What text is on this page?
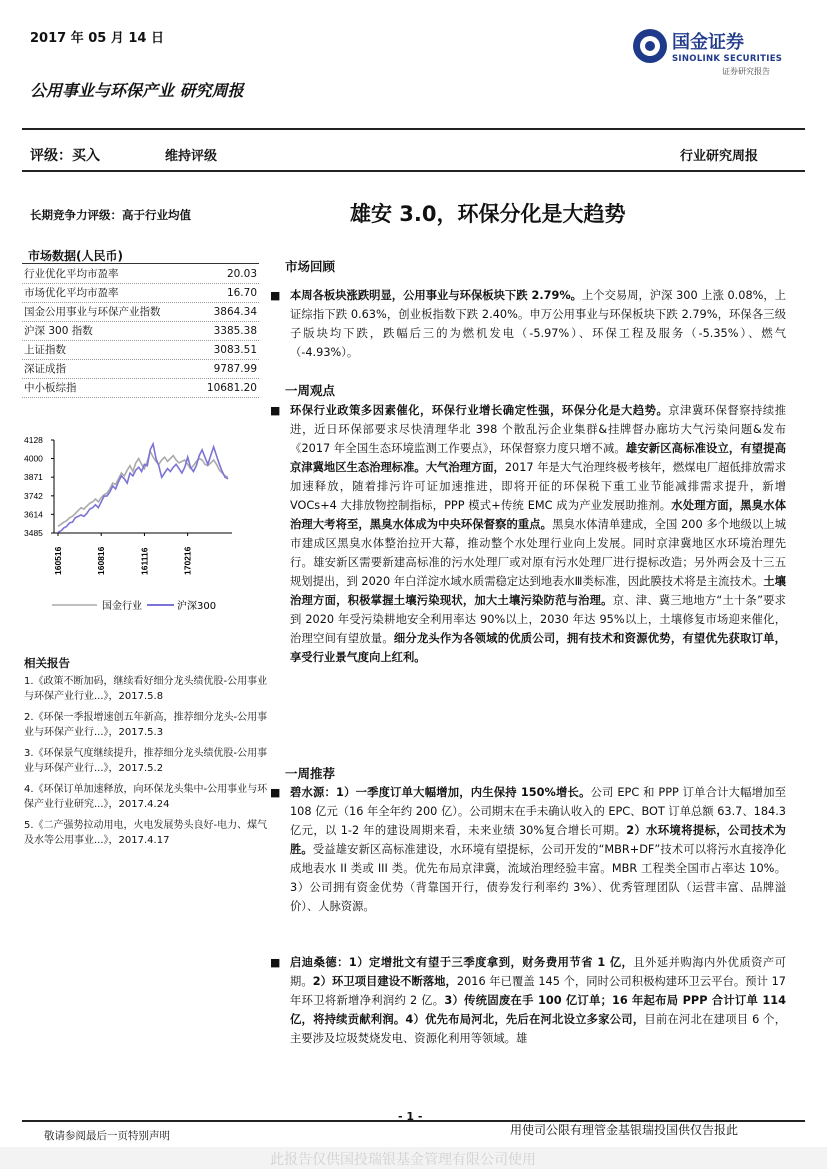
2017 年 05 月 14 日
公用事业与环保产业 研究周报
国金证券
SINOLINK SECURITIES
证券研究报告
评级：买入	维持评级	行业研究周报
长期竞争力评级：高于行业均值	雄安 3.0，环保分化是大趋势
市场数据(人民币)
行业优化平均市盈率	20.03
市场优化平均市盈率	16.70
国金公用事业与环保产业指数	3864.34
沪深 300 指数	3385.38
上证指数	3083.51
深证成指	9787.99
中小板综指	10681.20
4128
4000
3871
3742
3614
3485
160516	160816	161116	170216
国金行业	沪深300
相关报告
1.《政策不断加码，继续看好细分龙头绩优股-公用事业与环保产业行业...》，2017.5.8
2.《环保一季报增速创五年新高，推荐细分龙头-公用事业与环保产业行...》，2017.5.3
3.《环保景气度继续提升，推荐细分龙头绩优股-公用事业与环保产业行...》，2017.5.2
4.《环保订单加速释放，向环保龙头集中-公用事业与环保产业行业研究...》，2017.4.24
5.《二产强势拉动用电，火电发展势头良好-电力、煤气及水等公用事业...》，2017.4.17
市场回顾
■ 本周各板块涨跌明显，公用事业与环保板块下跌 2.79%。上个交易周，沪深 300 上涨 0.08%，上证综指下跌 0.63%，创业板指数下跌 2.40%。申万公用事业与环保板块下跌 2.79%，环保各三级子版块均下跌，跌幅后三的为燃机发电（-5.97%）、环保工程及服务（-5.35%）、燃气（-4.93%）。
一周观点
■ 环保行业政策多因素催化，环保行业增长确定性强，环保分化是大趋势。京津冀环保督察持续推进，近日环保部要求尽快清理华北 398 个散乱污企业集群&挂牌督办廊坊大气污染问题&发布《2017 年全国生态环境监测工作要点》，环保督察力度只增不减。雄安新区高标准设立，有望提高京津冀地区生态治理标准。大气治理方面，2017 年是大气治理终极考核年，燃煤电厂超低排放需求加速释放，随着排污许可证加速推进，即将开征的环保税下重工业节能减排需求提升，新增 VOCs+4 大排放物控制指标，PPP 模式+传统 EMC 成为产业发展助推剂。水处理方面，黑臭水体治理大考将至，黑臭水体成为中央环保督察的重点。黑臭水体清单建成，全国 200 多个地级以上城市建成区黑臭水体整治拉开大幕，推动整个水处理行业向上发展。同时京津冀地区水环境治理先行。雄安新区需要新建高标准的污水处理厂或对原有污水处理厂进行提标改造；另外两会及十三五规划提出，到 2020 年白洋淀水域水质需稳定达到地表水Ⅲ类标准，因此膜技术将是主流技术。土壤治理方面，积极掌握土壤污染现状，加大土壤污染防范与治理。京、津、冀三地地方“土十条”要求到 2020 年受污染耕地安全利用率达 90%以上，2030 年达 95%以上，土壤修复市场迎来催化，治理空间有望放量。细分龙头作为各领域的优质公司，拥有技术和资源优势，有望优先获取订单，享受行业景气度向上红利。
一周推荐
■ 碧水源：1）一季度订单大幅增加，内生保持 150%增长。公司 EPC 和 PPP 订单合计大幅增加至 108 亿元（16 年全年约 200 亿）。公司期末在手未确认收入的 EPC、BOT 订单总额 63.7、184.3 亿元，以 1-2 年的建设周期来看，未来业绩 30%复合增长可期。2）水环境将提标，公司技术为胜。受益雄安新区高标准建设，水环境有望提标，公司开发的“MBR+DF”技术可以将污水直接净化成地表水 II 类或 III 类。优先布局京津冀，流域治理经验丰富。MBR 工程类全国市占率达 10%。3）公司拥有资金优势（背靠国开行，债券发行利率约 3%）、优秀管理团队（运营丰富、品牌溢价）、人脉资源。
■ 启迪桑德：1）定增批文有望于三季度拿到，财务费用节省 1 亿，且外延并购海内外优质资产可期。2）环卫项目建设不断落地，2016 年已覆盖 145 个，同时公司积极构建环卫云平台。预计 17 年环卫将新增净利润约 2 亿。3）传统固废在手 100 亿订单；16 年起布局 PPP 合计订单 114 亿，将持续贡献利润。4）优先布局河北，先后在河北设立多家公司，目前在河北在建项目 6 个，主要涉及垃圾焚烧发电、资源化利用等领域。雄
- 1 -
敬请参阅最后一页特别声明	用使司公限有理管金基银瑞投国供仅告报此
此报告仅供国投瑞银基金管理有限公司使用
